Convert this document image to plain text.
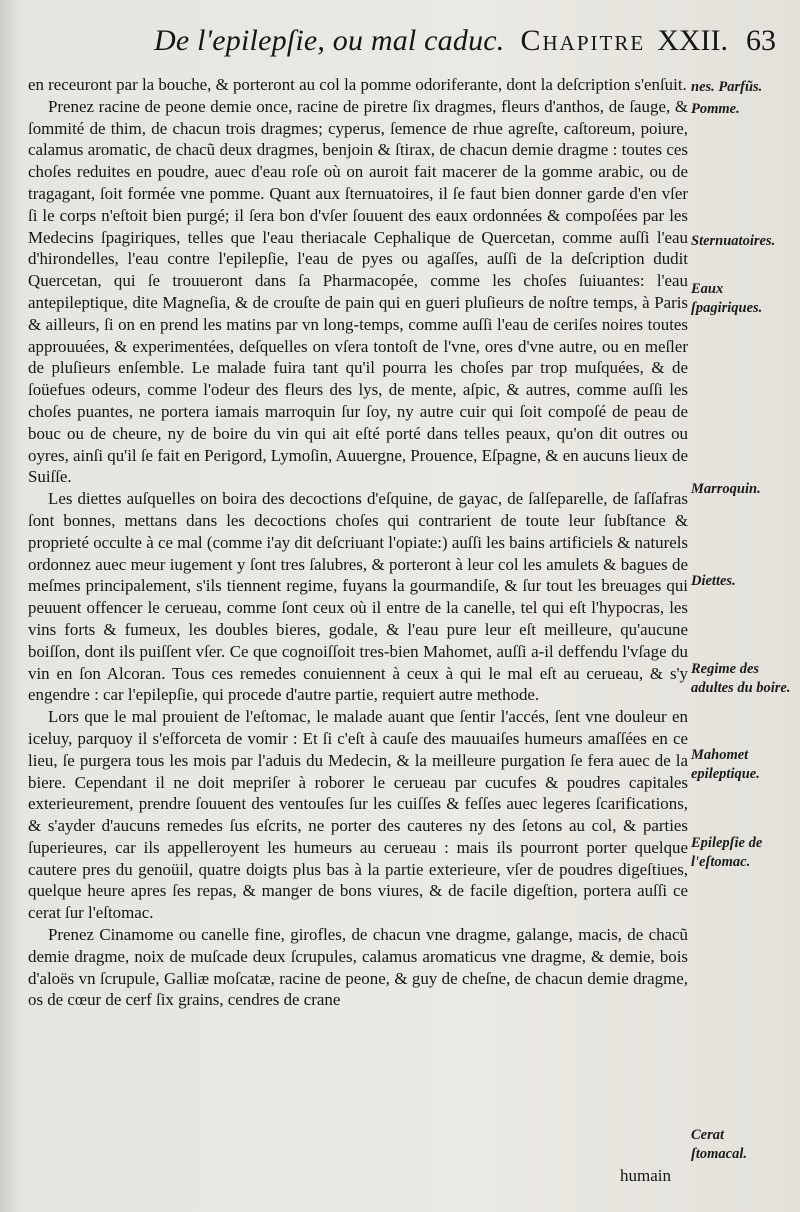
De l'epilepſie, ou mal caduc. Chapitre XXII. 63

en receuront par la bouche, & porteront au col la pomme odoriferante, dont la deſcription s'enſuit.

Prenez racine de peone demie once, racine de piretre ſix dragmes, fleurs d'anthos, de ſauge, & ſommité de thim, de chacun trois dragmes; cyperus, ſemence de rhue agreſte, caſtoreum, poiure, calamus aromatic, de chacũ deux dragmes, benjoin & ſtirax, de chacun demie dragme : toutes ces choſes reduites en poudre, auec d'eau roſe où on auroit fait macerer de la gomme arabic, ou de tragagant, ſoit formée vne pomme. Quant aux ſternuatoires, il ſe faut bien donner garde d'en vſer ſi le corps n'eſtoit bien purgé; il ſera bon d'vſer ſouuent des eaux ordonnées & compoſées par les Medecins ſpagiriques, telles que l'eau theriacale Cephalique de Quercetan, comme auſſi l'eau d'hirondelles, l'eau contre l'epilepſie, l'eau de pyes ou agaſſes, auſſi de la deſcription dudit Quercetan, qui ſe trouueront dans ſa Pharmacopée, comme les choſes ſuiuantes: l'eau antepileptique, dite Magneſia, & de crouſte de pain qui en gueri pluſieurs de noſtre temps, à Paris & ailleurs, ſi on en prend les matins par vn long-temps, comme auſſi l'eau de ceriſes noires toutes approuuées, & experimentées, deſquelles on vſera tontoſt de l'vne, ores d'vne autre, ou en meſler de pluſieurs enſemble. Le malade fuira tant qu'il pourra les choſes par trop muſquées, & de ſoüefues odeurs, comme l'odeur des fleurs des lys, de mente, aſpic, & autres, comme auſſi les choſes puantes, ne portera iamais marroquin ſur ſoy, ny autre cuir qui ſoit compoſé de peau de bouc ou de cheure, ny de boire du vin qui ait eſté porté dans telles peaux, qu'on dit outres ou oyres, ainſi qu'il ſe fait en Perigord, Lymoſin, Auuergne, Prouence, Eſpagne, & en aucuns lieux de Suiſſe.

Les diettes auſquelles on boira des decoctions d'eſquine, de gayac, de ſalſeparelle, de ſaſſafras ſont bonnes, mettans dans les decoctions choſes qui contrarient de toute leur ſubſtance & proprieté occulte à ce mal (comme i'ay dit deſcriuant l'opiate:) auſſi les bains artificiels & naturels ordonnez auec meur iugement y ſont tres ſalubres, & porteront à leur col les amulets & bagues de meſmes principalement, s'ils tiennent regime, fuyans la gourmandiſe, & ſur tout les breuages qui peuuent offencer le cerueau, comme ſont ceux où il entre de la canelle, tel qui eſt l'hypocras, les vins forts & fumeux, les doubles bieres, godale, & l'eau pure leur eſt meilleure, qu'aucune boiſſon, dont ils puiſſent vſer. Ce que cognoiſſoit tres-bien Mahomet, auſſi a-il deffendu l'vſage du vin en ſon Alcoran. Tous ces remedes conuiennent à ceux à qui le mal eſt au cerueau, & s'y engendre : car l'epilepſie, qui procede d'autre partie, requiert autre methode.

Lors que le mal prouient de l'eſtomac, le malade auant que ſentir l'accés, ſent vne douleur en iceluy, parquoy il s'eſforceta de vomir : Et ſi c'eſt à cauſe des mauuaiſes humeurs amaſſées en ce lieu, ſe purgera tous les mois par l'aduis du Medecin, & la meilleure purgation ſe fera auec de la biere. Cependant il ne doit mepriſer à roborer le cerueau par cucufes & poudres capitales exterieurement, prendre ſouuent des ventouſes ſur les cuiſſes & feſſes auec legeres ſcarifications, & s'ayder d'aucuns remedes ſus eſcrits, ne porter des cauteres ny des ſetons au col, & parties ſuperieures, car ils appelleroyent les humeurs au cerueau : mais ils pourront porter quelque cautere pres du genoüil, quatre doigts plus bas à la partie exterieure, vſer de poudres digeſtiues, quelque heure apres ſes repas, & manger de bons viures, & de facile digeſtion, portera auſſi ce cerat ſur l'eſtomac.

Prenez Cinamome ou canelle fine, girofles, de chacun vne dragme, galange, macis, de chacũ demie dragme, noix de muſcade deux ſcrupules, calamus aromaticus vne dragme, & demie, bois d'aloës vn ſcrupule, Galliæ moſcatæ, racine de peone, & guy de cheſne, de chacun demie dragme, os de cœur de cerf ſix grains, cendres de crane

nes. Parfũs.
Pomme.
Sternuatoires.
Eaux ſpagiriques.
Marroquin.
Diettes.
Regime des adultes du boire.
Mahomet epileptique.
Epilepſie de l'eſtomac.
Cerat ſtomacal.
humain
